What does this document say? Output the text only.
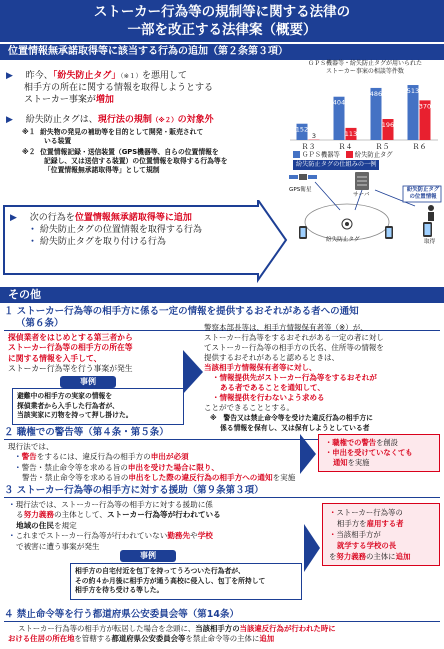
ストーカー行為等の規制等に関する法律の
一部を改正する法律案（概要）
位置情報無承諾取得等に該当する行為の追加（第２条第３項）
▶ 昨今、「紛失防止タグ」（※１）を悪用して
相手方の所在に関する情報を取得しようとする
ストーカー事案が増加
▶ 紛失防止タグは、現行法の規制（※２）の対象外
※１ 紛失物の発見の補助等を目的として開発・販売されて
いる装置
※２ 位置情報記録・送信装置（GPS機器等、自らの位置情報を
記録し、又は送信する装置）の位置情報を取得する行為等を
「位置情報無承諾取得等」として規制
▶ 次の行為を位置情報無承諾取得等に追加
・ 紛失防止タグの位置情報を取得する行為
・ 紛失防止タグを取り付ける行為
ＧＰＳ機器等・紛失防止タグが用いられた
ストーカー事案の相談等件数
152
3
Ｒ３
404
113
Ｒ４
486
196
Ｒ５
513
370
Ｒ６
ＧＰＳ機器等 紛失防止タグ
紛失防止タグの仕組みの一例
GPS衛星
サーバ
紛失防止タグ
の位置情報
紛失防止タグ	取得
その他
１ ストーカー行為等の相手方に係る一定の情報を提供するおそれがある者への通知
（第６条）
探偵業者をはじめとする第三者から
ストーカー行為等の相手方の所在等
に関する情報を入手して、
ストーカー行為等を行う事案が発生
事例
避難中の相手方の実家の情報を
探偵業者から入手した行為者が、
当該実家に刃物を持って押し掛けた。
警察本部長等は、相手方情報保有者等（※）が、
ストーカー行為等をするおそれがある一定の者に対し
てストーカー行為等の相手方の氏名、住所等の情報を
提供するおそれがあると認めるときは、
当該相手方情報保有者等に対し、
・情報提供先がストーカー行為等をするおそれが
ある者であることを通知して、
・情報提供を行わないよう求める
ことができることとする。
※　警告又は禁止命令等を受けた違反行為の相手方に
係る情報を保有し、又は保有しようとしている者
２ 職権での警告等（第４条・第５条）
現行法では、
・警告をするには、違反行為の相手方の申出が必須
・警告・禁止命令等を求める旨の申出を受けた場合に限り、
警告・禁止命令等を求める旨の申出をした際の違反行為の相手方への通知を実施
・職権での警告を創設
・申出を受けていなくても
通知を実施
３ ストーカー行為等の相手方に対する援助（第９条第３項）
・現行法では、ストーカー行為等の相手方に対する援助に係
る努力義務の主体として、ストーカー行為等が行われている
地域の住民を規定
・これまでストーカー行為等が行われていない勤務先や学校
で被害に遭う事案が発生
事例
相手方の自宅付近を包丁を持ってうろついた行為者が、
その約４か月後に相手方が通う高校に侵入し、包丁を所持して
相手方を待ち受ける等した。
・ストーカー行為等の
相手方を雇用する者
・当該相手方が
就学する学校の長
を努力義務の主体に追加
４ 禁止命令等を行う都道府県公安委員会等（第14条）
ストーカー行為等の相手方が転居した場合を念頭に、当該相手方の当該違反行為が行われた時に
おける住居の所在地を管轄する都道府県公安委員会等を禁止命令等の主体に追加
